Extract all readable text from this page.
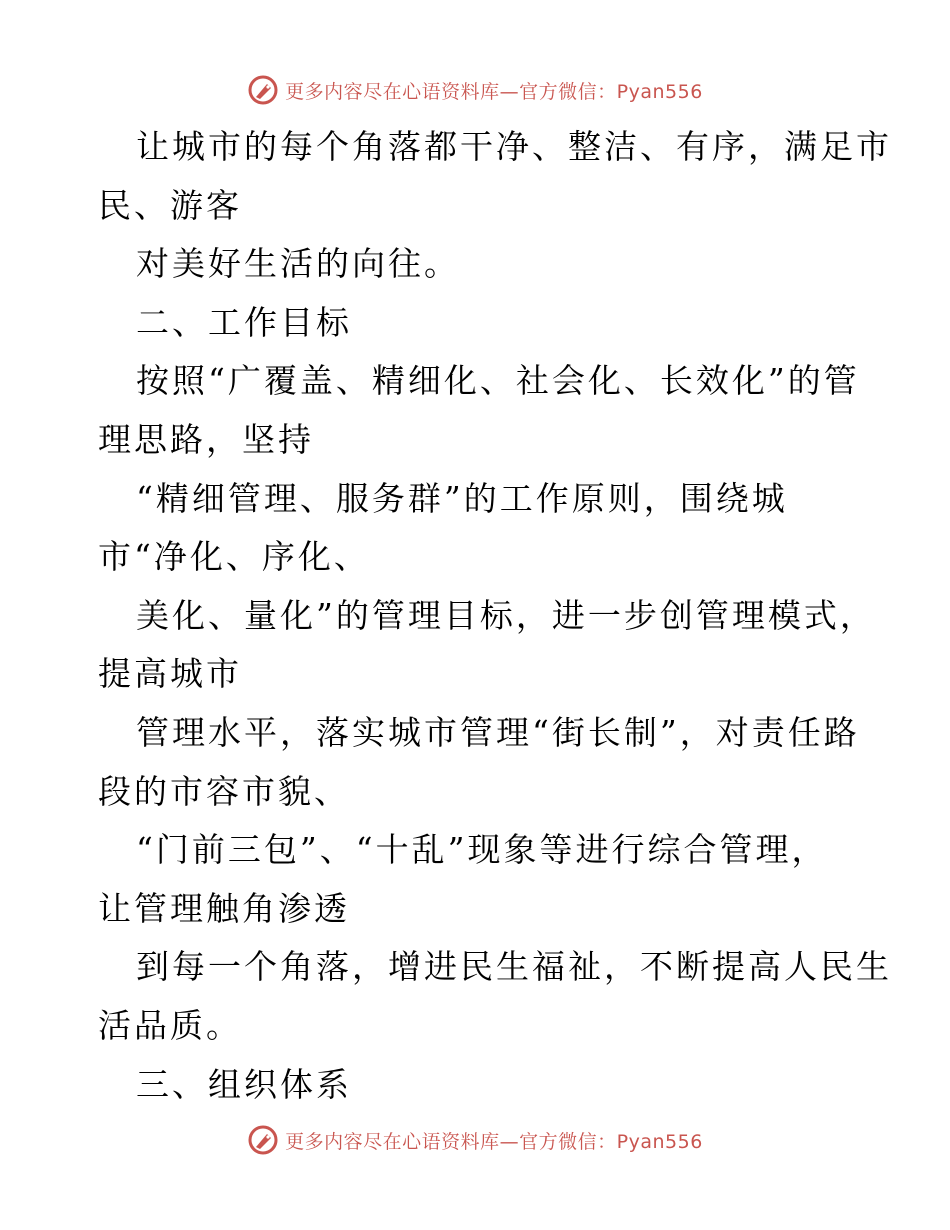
更多内容尽在心语资料库—官方微信：Pyan556
让城市的每个角落都干净、整洁、有序，满足市
民、游客
对美好生活的向往。
二、工作目标
按照“广覆盖、精细化、社会化、长效化”的管
理思路，坚持
“精细管理、服务群”的工作原则，围绕城
市“净化、序化、
美化、量化”的管理目标，进一步创管理模式，
提高城市
管理水平，落实城市管理“街长制”，对责任路
段的市容市貌、
“门前三包”、“十乱”现象等进行综合管理，
让管理触角渗透
到每一个角落，增进民生福祉，不断提高人民生
活品质。
三、组织体系
更多内容尽在心语资料库—官方微信：Pyan556
